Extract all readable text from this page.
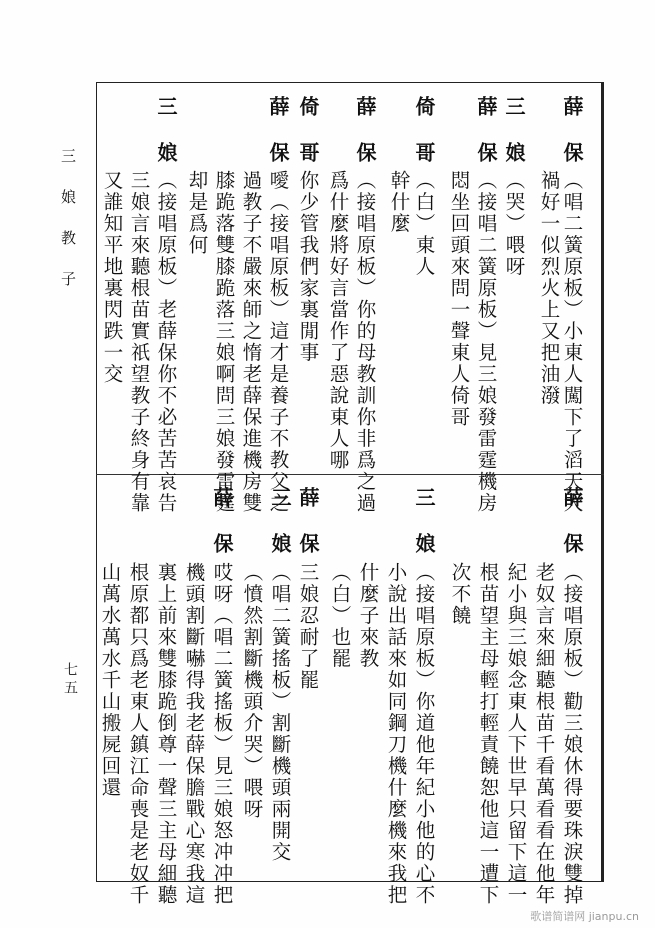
三娘教子
七五
薛保
（唱二簧原板）小東人闖下了滔天大
禍好一似烈火上又把油潑
三娘
（哭）喂呀
薛保
（接唱二簧原板）見三娘發雷霆機房
悶坐回頭來問一聲東人倚哥
倚哥
（白）東人
幹什麼
薛保
（接唱原板）你的母教訓你非爲之過
爲什麼將好言當作了惡說東人哪
倚哥
你少管我們家裏閒事
薛保
噯（接唱原板）這才是養子不教父之
過教子不嚴來師之惰老薛保進機房雙
膝跪落雙膝跪落三娘啊問三娘發雷霆
却是爲何
三娘
（接唱原板）老薛保你不必苦苦哀告
三娘言來聽根苗實祇望教子終身有靠
又誰知平地裏閃跌一交
薛保
（接唱原板）勸三娘休得要珠淚雙掉
老奴言來細聽根苗千看萬看看在他年
紀小與三娘念東人下世早只留下這一
根苗望主母輕打輕責饒恕他這一遭下
次不饒
三娘
（接唱原板）你道他年紀小他的心不
小說出話來如同鋼刀機什麼機來我把
什麼子來教
（白）也罷
薛保
三娘忍耐了罷
三娘
（唱二簧搖板）割斷機頭兩開交
（憤然割斷機頭介哭）喂呀
薛保
哎呀（唱二簧搖板）見三娘怒冲冲把
機頭割斷嚇得我老薛保膽戰心寒我這
裏上前來雙膝跪倒尊一聲三主母細聽
根原都只爲老東人鎮江命喪是老奴千
山萬水萬水千山搬屍回還
歌谱简谱网 jianpu.cn
